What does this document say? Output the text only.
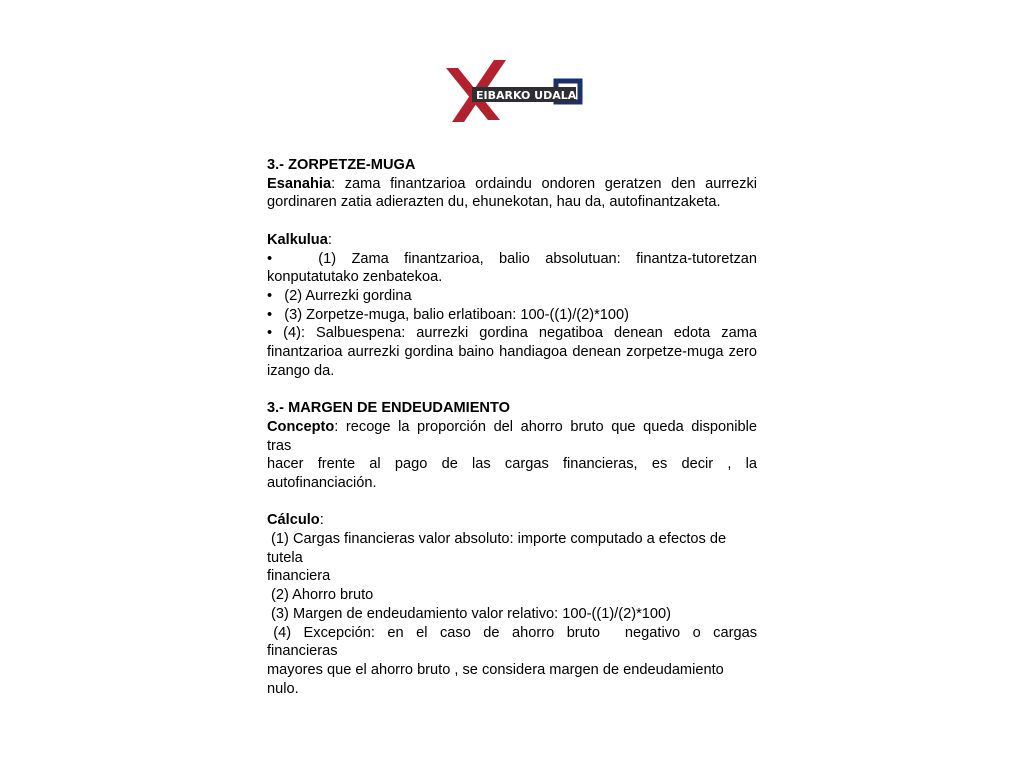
EIBARKO UDALA

3.- ZORPETZE-MUGA

Esanahia: zama finantzarioa ordaindu ondoren geratzen den aurrezki gordinaren zatia adierazten du, ehunekotan, hau da, autofinantzaketa.

Kalkulua:

•      (1)  Zama  finantzarioa,  balio  absolutuan:  finantza-tutoretzan

konputatutako zenbatekoa.

•   (2) Aurrezki gordina

•   (3) Zorpetze-muga, balio erlatiboan: 100-((1)/(2)*100)

• (4): Salbuespena: aurrezki gordina negatiboa denean edota zama finantzarioa aurrezki gordina baino handiagoa denean zorpetze-muga zero izango da.

3.- MARGEN DE ENDEUDAMIENTO

Concepto: recoge la proporción del ahorro bruto que queda disponible

tras

hacer  frente  al  pago  de  las  cargas  financieras,  es  decir  ,  la

autofinanciación.

Cálculo:

(1) Cargas financieras valor absoluto: importe computado a efectos de

tutela

financiera

(2) Ahorro bruto

(3) Margen de endeudamiento valor relativo: 100-((1)/(2)*100)

(4)  Excepción:  en  el  caso  de  ahorro  bruto    negativo  o  cargas

financieras

mayores que el ahorro bruto , se considera margen de endeudamiento

nulo.
